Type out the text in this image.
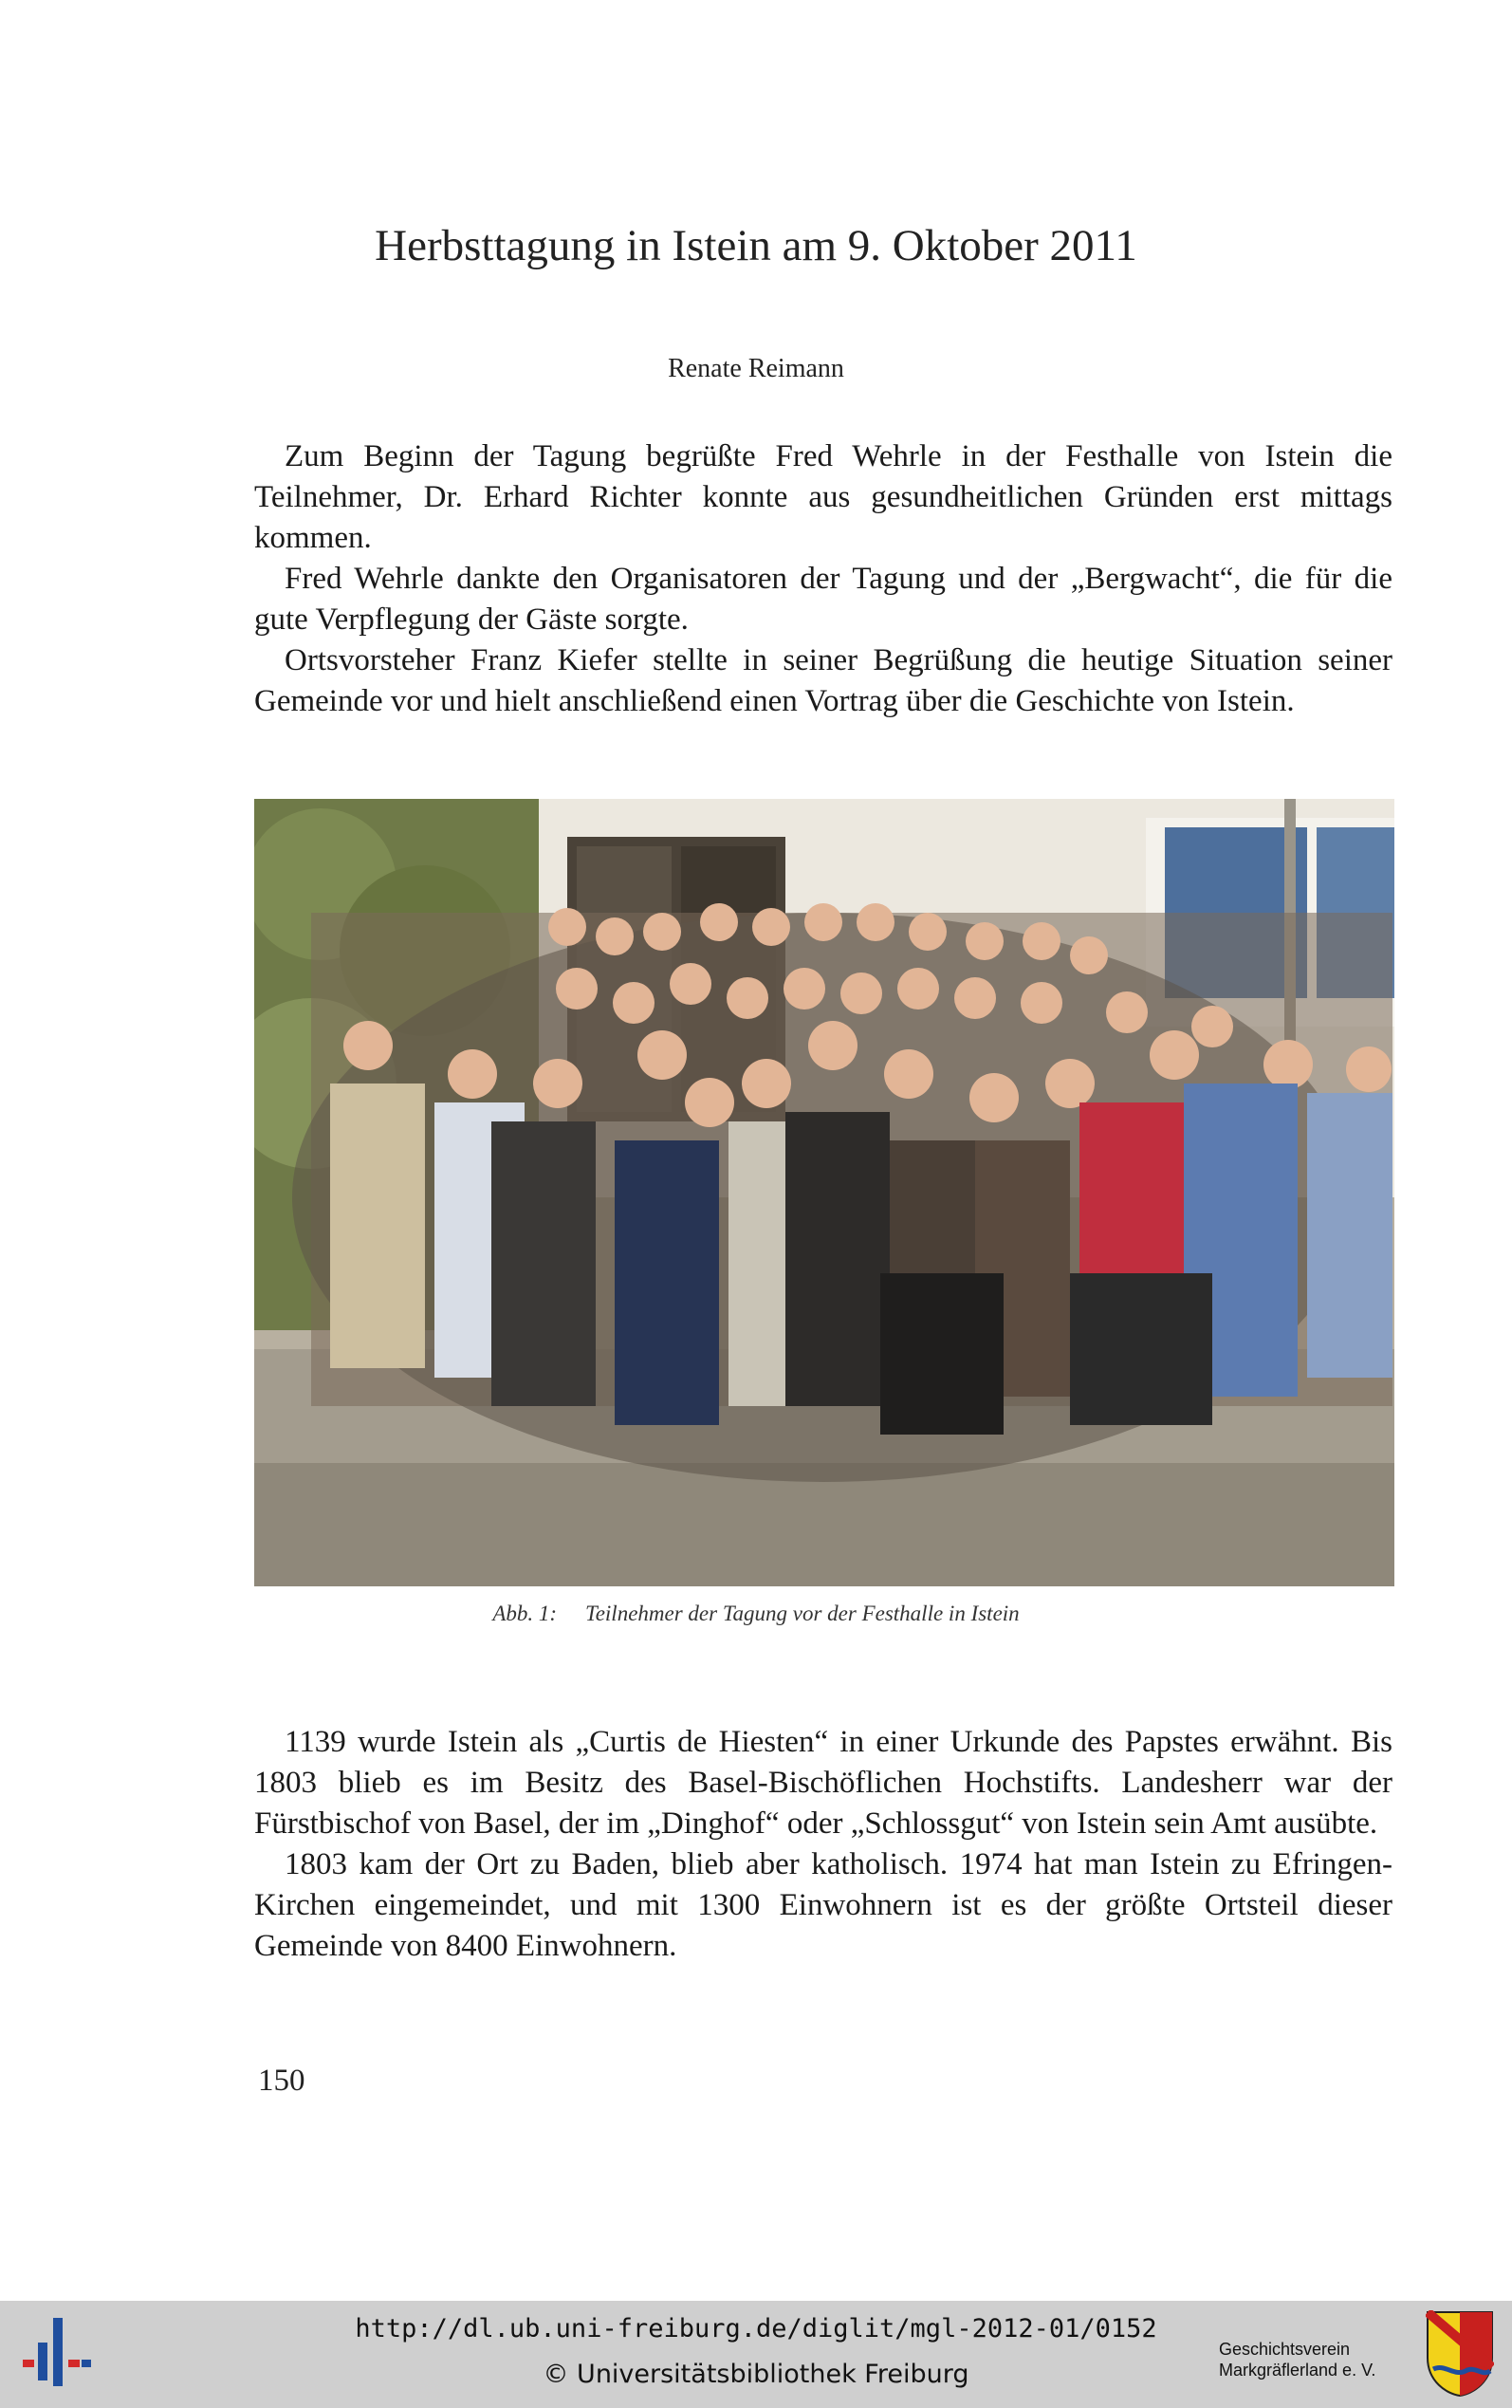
Herbsttagung in Istein am 9. Oktober 2011
Renate Reimann

Zum Beginn der Tagung begrüßte Fred Wehrle in der Festhalle von Istein die Teilnehmer, Dr. Erhard Richter konnte aus gesundheitlichen Gründen erst mittags kommen.

Fred Wehrle dankte den Organisatoren der Tagung und der „Bergwacht“, die für die gute Verpflegung der Gäste sorgte.

Ortsvorsteher Franz Kiefer stellte in seiner Begrüßung die heutige Situation seiner Gemeinde vor und hielt anschließend einen Vortrag über die Geschichte von Istein.

Abb. 1: Teilnehmer der Tagung vor der Festhalle in Istein

1139 wurde Istein als „Curtis de Hiesten“ in einer Urkunde des Papstes erwähnt. Bis 1803 blieb es im Besitz des Basel-Bischöflichen Hochstifts. Landesherr war der Fürstbischof von Basel, der im „Dinghof“ oder „Schlossgut“ von Istein sein Amt ausübte.

1803 kam der Ort zu Baden, blieb aber katholisch. 1974 hat man Istein zu Efringen-Kirchen eingemeindet, und mit 1300 Einwohnern ist es der größte Ortsteil dieser Gemeinde von 8400 Einwohnern.

150
http://dl.ub.uni-freiburg.de/diglit/mgl-2012-01/0152
© Universitätsbibliothek Freiburg
Geschichtsverein
Markgräflerland e. V.
